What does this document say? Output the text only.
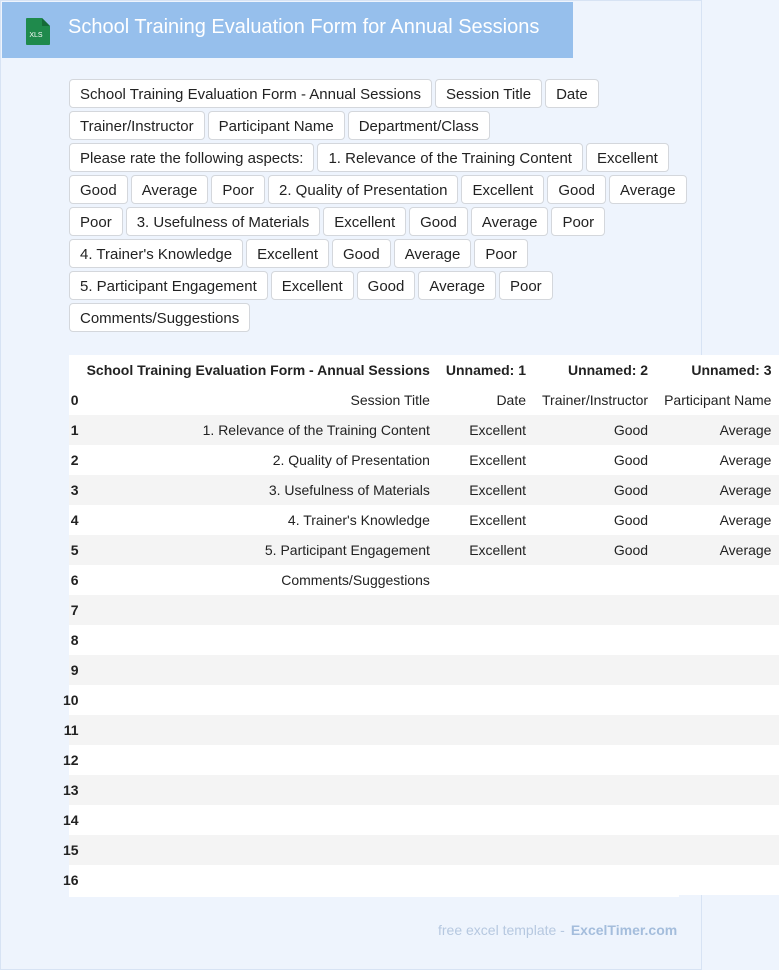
XLS School Training Evaluation Form for Annual Sessions
School Training Evaluation Form - Annual Sessions	Session Title	Date
Trainer/Instructor	Participant Name	Department/Class
Please rate the following aspects:	1. Relevance of the Training Content	Excellent
Good	Average	Poor	2. Quality of Presentation	Excellent	Good	Average
Poor	3. Usefulness of Materials	Excellent	Good	Average	Poor
4. Trainer's Knowledge	Excellent	Good	Average	Poor
5. Participant Engagement	Excellent	Good	Average	Poor
Comments/Suggestions
	School Training Evaluation Form - Annual Sessions	Unnamed: 1	Unnamed: 2	Unnamed: 3
0	Session Title	Date	Trainer/Instructor	Participant Name
1	1. Relevance of the Training Content	Excellent	Good	Average
2	2. Quality of Presentation	Excellent	Good	Average
3	3. Usefulness of Materials	Excellent	Good	Average
4	4. Trainer's Knowledge	Excellent	Good	Average
5	5. Participant Engagement	Excellent	Good	Average
6	Comments/Suggestions			
7				
8				
9				
10				
11				
12				
13				
14				
15				
16				
free excel template - ExcelTimer.com
